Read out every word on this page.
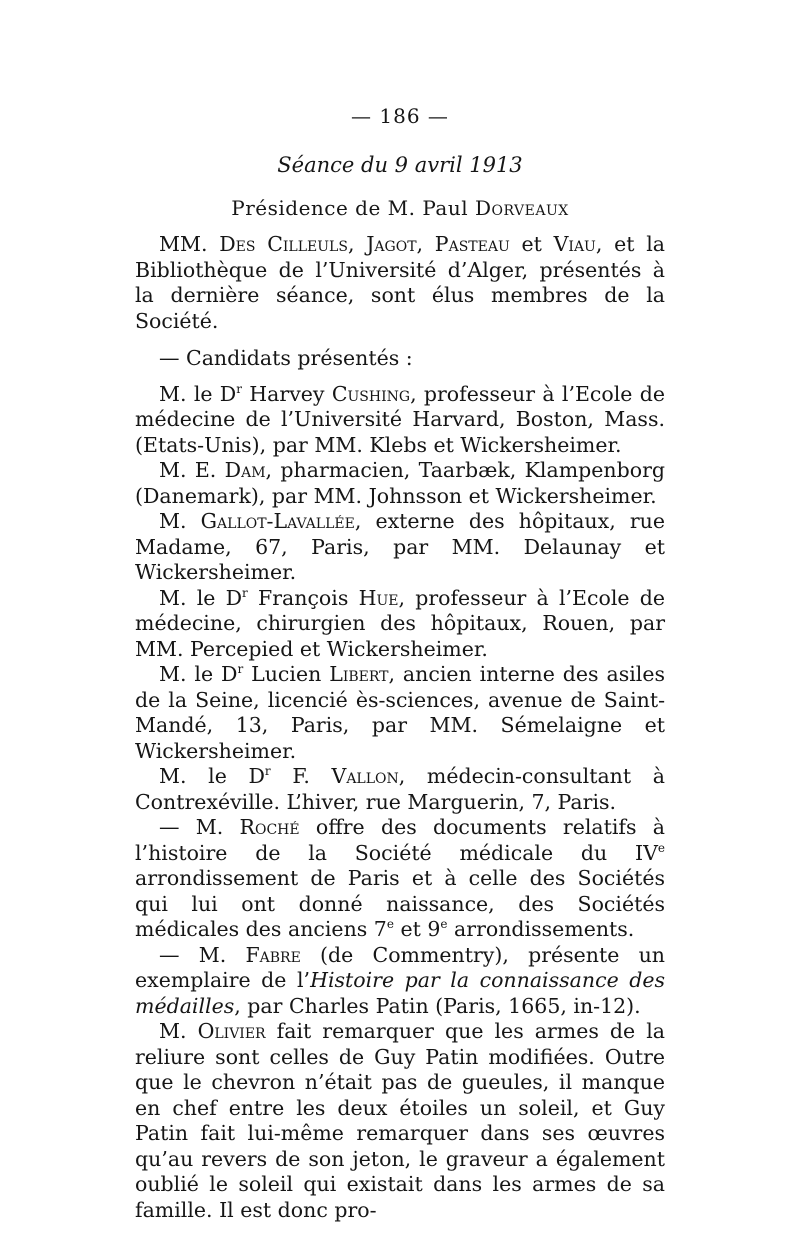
— 186 —
Séance du 9 avril 1913
Présidence de M. Paul Dorveaux

MM. Des Cilleuls, Jagot, Pasteau et Viau, et la Bibliothèque de l’Université d’Alger, présentés à la dernière séance, sont élus membres de la Société.

— Candidats présentés :

M. le $D^r$ Harvey Cushing, professeur à l’Ecole de médecine de l’Université Harvard, Boston, Mass. (Etats-Unis), par MM. Klebs et Wickersheimer.

M. E. Dam, pharmacien, Taarbæk, Klampenborg (Danemark), par MM. Johnsson et Wickersheimer.

M. Gallot-Lavallée, externe des hôpitaux, rue Madame, 67, Paris, par MM. Delaunay et Wickersheimer.

M. le $D^r$ François Hue, professeur à l’Ecole de médecine, chirurgien des hôpitaux, Rouen, par MM. Percepied et Wickersheimer.

M. le $D^r$ Lucien Libert, ancien interne des asiles de la Seine, licencié ès-sciences, avenue de Saint-Mandé, 13, Paris, par MM. Sémelaigne et Wickersheimer.

M. le $D^r$ F. Vallon, médecin-consultant à Contrexéville. L’hiver, rue Marguerin, 7, Paris.

— M. Roché offre des documents relatifs à l’histoire de la Société médicale du IVe arrondissement de Paris et à celle des Sociétés qui lui ont donné naissance, des Sociétés médicales des anciens 7e et 9e arrondissements.

— M. Fabre (de Commentry), présente un exemplaire de l’Histoire par la connaissance des médailles, par Charles Patin (Paris, 1665, in-12).

M. Olivier fait remarquer que les armes de la reliure sont celles de Guy Patin modifiées. Outre que le chevron n’était pas de gueules, il manque en chef entre les deux étoiles un soleil, et Guy Patin fait lui-même remarquer dans ses œuvres qu’au revers de son jeton, le graveur a également oublié le soleil qui existait dans les armes de sa famille. Il est donc pro-
